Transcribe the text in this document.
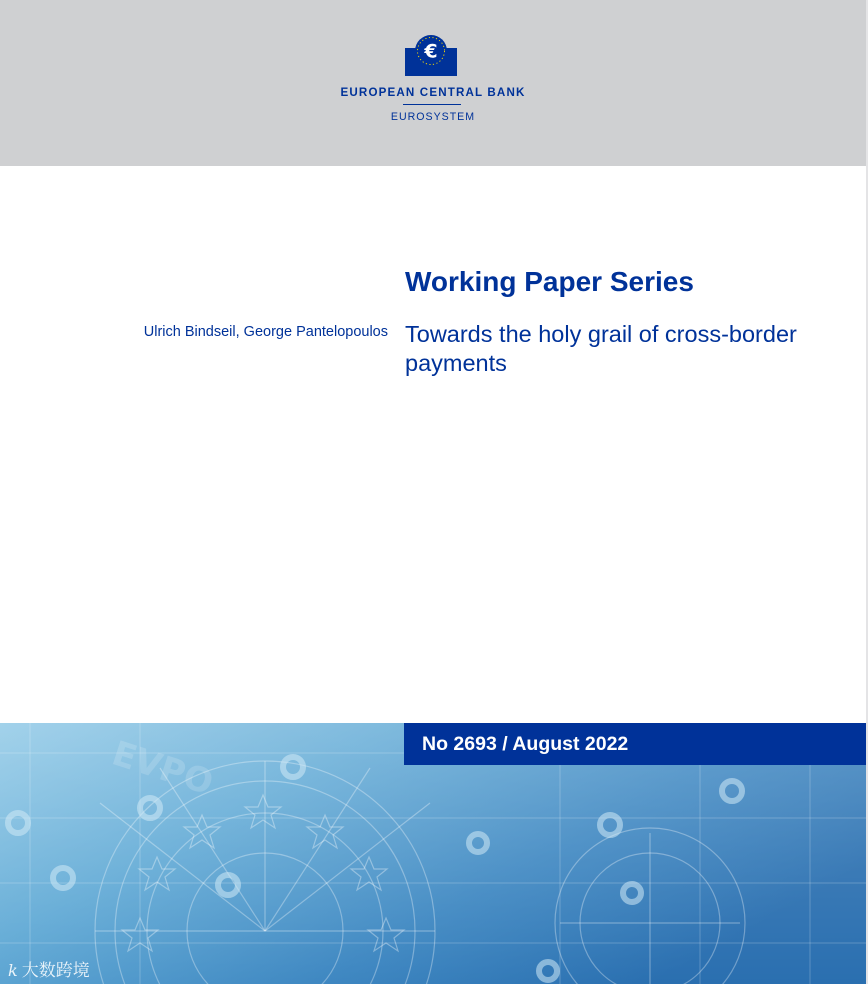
€
EUROPEAN CENTRAL BANK
EUROSYSTEM
Working Paper Series
Ulrich Bindseil, George Pantelopoulos Towards the holy grail of cross-border payments
EVPO	No 2693 / August 2022
k 大数跨境
